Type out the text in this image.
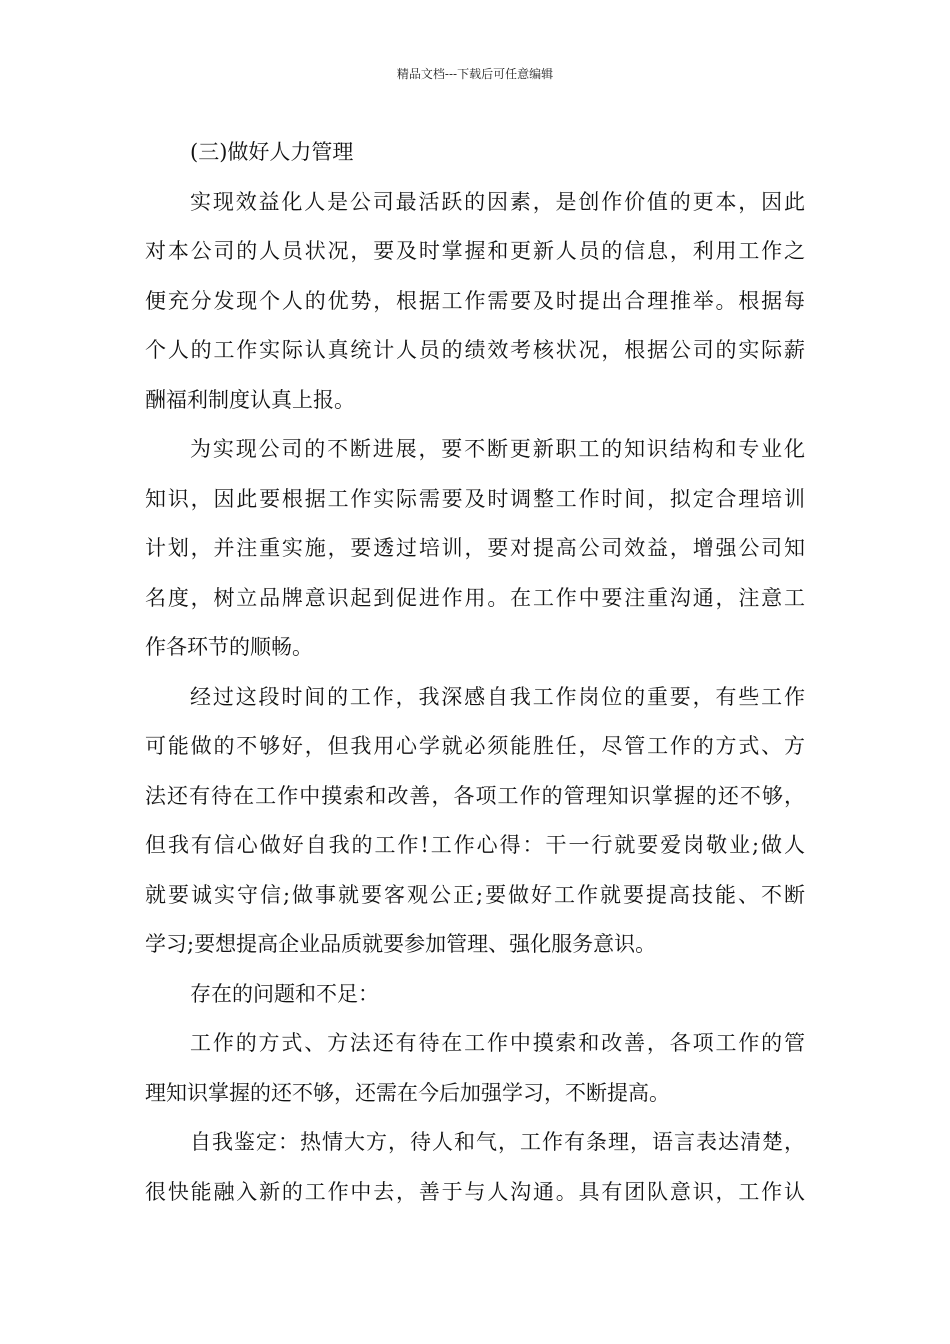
精品文档---下载后可任意编辑
(三)做好人力管理
实现效益化人是公司最活跃的因素，是创作价值的更本，因此
对本公司的人员状况，要及时掌握和更新人员的信息，利用工作之
便充分发现个人的优势，根据工作需要及时提出合理推举。根据每
个人的工作实际认真统计人员的绩效考核状况，根据公司的实际薪
酬福利制度认真上报。
为实现公司的不断进展，要不断更新职工的知识结构和专业化
知识，因此要根据工作实际需要及时调整工作时间，拟定合理培训
计划，并注重实施，要透过培训，要对提高公司效益，增强公司知
名度，树立品牌意识起到促进作用。在工作中要注重沟通，注意工
作各环节的顺畅。
经过这段时间的工作，我深感自我工作岗位的重要，有些工作
可能做的不够好，但我用心学就必须能胜任，尽管工作的方式、方
法还有待在工作中摸索和改善，各项工作的管理知识掌握的还不够，
但我有信心做好自我的工作!工作心得：干一行就要爱岗敬业;做人
就要诚实守信;做事就要客观公正;要做好工作就要提高技能、不断
学习;要想提高企业品质就要参加管理、强化服务意识。
存在的问题和不足：
工作的方式、方法还有待在工作中摸索和改善，各项工作的管
理知识掌握的还不够，还需在今后加强学习，不断提高。
自我鉴定：热情大方，待人和气，工作有条理，语言表达清楚，
很快能融入新的工作中去，善于与人沟通。具有团队意识，工作认
